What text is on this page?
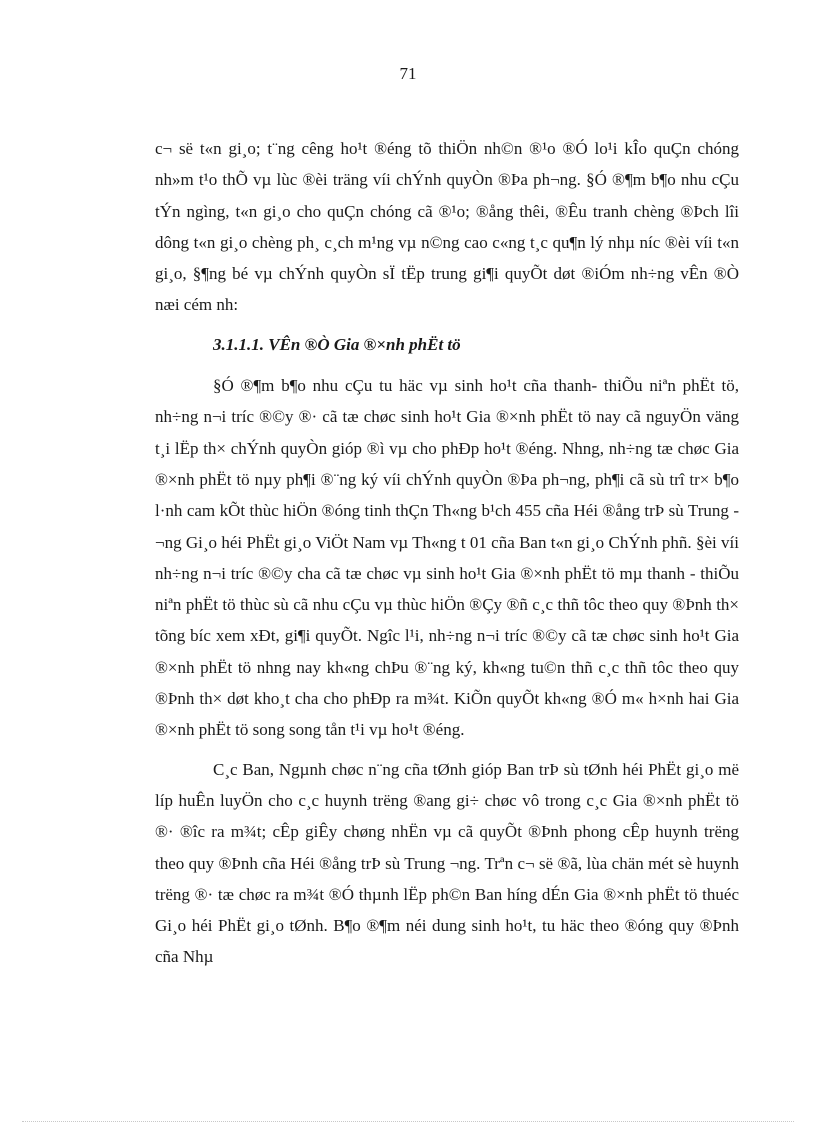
71

c¬ së t«n gi¸o; t¨ng cêng ho¹t ®éng tõ thiÖn nh©n ®¹o ®Ó lo¹i kÎo quÇn chóng nh»m t¹o thÕ vµ lùc ®èi träng víi chÝnh quyÒn ®Þa ph¬ng. §Ó ®¶m b¶o nhu cÇu tÝn ngìng, t«n gi¸o cho quÇn chóng cã ®¹o; ®ång thêi, ®Êu tranh chèng ®Þch lîi dông t«n gi¸o chèng ph¸ c¸ch m¹ng vµ n©ng cao c«ng t¸c qu¶n lý nhµ níc ®èi víi t«n gi¸o, §¶ng bé vµ chÝnh quyÒn sÏ tËp trung gi¶i quyÕt døt ®iÓm nh÷ng vÊn ®Ò næi cém nh:

3.1.1.1. VÊn ®Ò Gia ®×nh phËt tö

§Ó ®¶m b¶o nhu cÇu tu häc vµ sinh ho¹t cña thanh- thiÕu niªn phËt tö, nh÷ng n¬i tríc ®©y ®· cã tæ chøc sinh ho¹t Gia ®×nh phËt tö nay cã nguyÖn väng t¸i lËp th× chÝnh quyÒn gióp ®ì vµ cho phÐp ho¹t ®éng. Nhng, nh÷ng tæ chøc Gia ®×nh phËt tö nµy ph¶i ®¨ng ký víi chÝnh quyÒn ®Þa ph¬ng, ph¶i cã sù trî tr× b¶o l·nh cam kÕt thùc hiÖn ®óng tinh thÇn Th«ng b¹ch 455 cña Héi ®ång trÞ sù Trung ¬ng Gi¸o héi PhËt gi¸o ViÖt Nam vµ Th«ng t 01 cña Ban t«n gi¸o ChÝnh phñ. §èi víi nh÷ng n¬i tríc ®©y cha cã tæ chøc vµ sinh ho¹t Gia ®×nh phËt tö mµ thanh - thiÕu niªn phËt tö thùc sù cã nhu cÇu vµ thùc hiÖn ®Çy ®ñ c¸c thñ tôc theo quy ®Þnh th× tõng bíc xem xÐt, gi¶i quyÕt. Ngîc l¹i, nh÷ng n¬i tríc ®©y cã tæ chøc sinh ho¹t Gia ®×nh phËt tö nhng nay kh«ng chÞu ®¨ng ký, kh«ng tu©n thñ c¸c thñ tôc theo quy ®Þnh th× døt kho¸t cha cho phÐp ra m¾t. KiÕn quyÕt kh«ng ®Ó m« h×nh hai Gia ®×nh phËt tö song song tån t¹i vµ ho¹t ®éng.

C¸c Ban, Ngµnh chøc n¨ng cña tØnh gióp Ban trÞ sù tØnh héi PhËt gi¸o më líp huÊn luyÖn cho c¸c huynh trëng ®ang gi÷ chøc vô trong c¸c Gia ®×nh phËt tö ®· ®îc ra m¾t; cÊp giÊy chøng nhËn vµ cã quyÕt ®Þnh phong cÊp huynh trëng theo quy ®Þnh cña Héi ®ång trÞ sù Trung ¬ng. Trªn c¬ së ®ã, lùa chän mét sè huynh trëng ®· tæ chøc ra m¾t ®Ó thµnh lËp ph©n Ban híng dÉn Gia ®×nh phËt tö thuéc Gi¸o héi PhËt gi¸o tØnh. B¶o ®¶m néi dung sinh ho¹t, tu häc theo ®óng quy ®Þnh cña Nhµ
